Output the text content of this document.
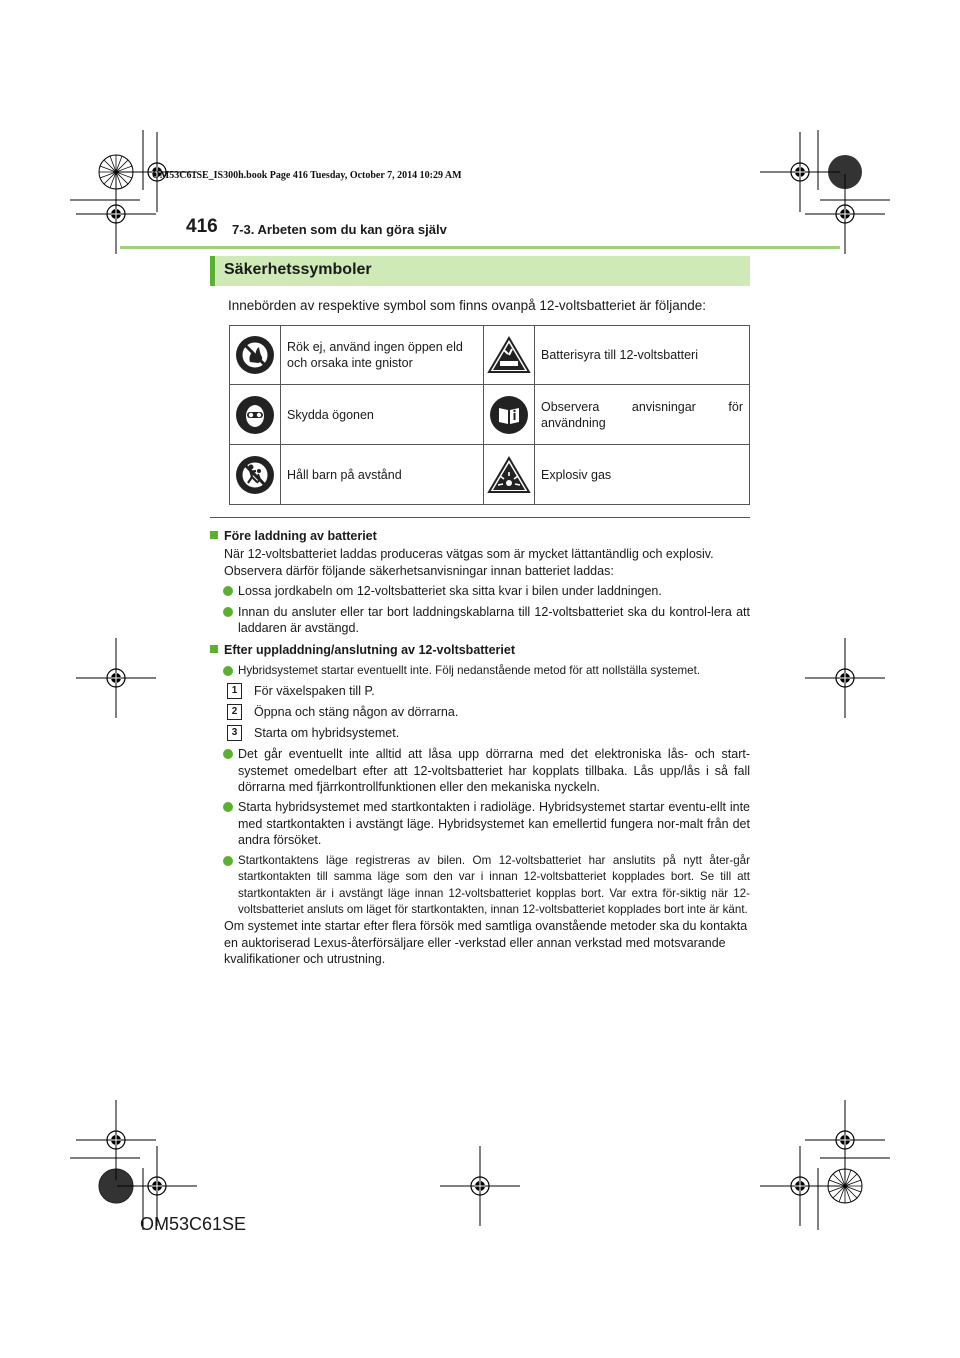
OM53C61SE_IS300h.book Page 416 Tuesday, October 7, 2014 10:29 AM
416 7-3. Arbeten som du kan göra själv
Säkerhetssymboler
Innebörden av respektive symbol som finns ovanpå 12-voltsbatteriet är följande:
	Rök ej, använd ingen öppen eld och orsaka inte gnistor		Batterisyra till 12-voltsbatteri

	Skydda ögonen		Observera anvisningar för användning

	Håll barn på avstånd		Explosiv gas

Före laddning av batteriet

När 12-voltsbatteriet laddas produceras vätgas som är mycket lättantändlig och explosiv. Observera därför följande säkerhetsanvisningar innan batteriet laddas:

Lossa jordkabeln om 12-voltsbatteriet ska sitta kvar i bilen under laddningen.
Innan du ansluter eller tar bort laddningskablarna till 12-voltsbatteriet ska du kontrol-lera att laddaren är avstängd.

Efter uppladdning/anslutning av 12-voltsbatteriet

Hybridsystemet startar eventuellt inte. Följ nedanstående metod för att nollställa systemet.
1	För växelspaken till P.
2	Öppna och stäng någon av dörrarna.
3	Starta om hybridsystemet.
Det går eventuellt inte alltid att låsa upp dörrarna med det elektroniska lås- och start-systemet omedelbart efter att 12-voltsbatteriet har kopplats tillbaka. Lås upp/lås i så fall dörrarna med fjärrkontrollfunktionen eller den mekaniska nyckeln.
Starta hybridsystemet med startkontakten i radioläge. Hybridsystemet startar eventu-ellt inte med startkontakten i avstängt läge. Hybridsystemet kan emellertid fungera nor-malt från det andra försöket.
Startkontaktens läge registreras av bilen. Om 12-voltsbatteriet har anslutits på nytt åter-går startkontakten till samma läge som den var i innan 12-voltsbatteriet kopplades bort. Se till att startkontakten är i avstängt läge innan 12-voltsbatteriet kopplas bort. Var extra för-siktig när 12-voltsbatteriet ansluts om läget för startkontakten, innan 12-voltsbatteriet kopplades bort inte är känt.

Om systemet inte startar efter flera försök med samtliga ovanstående metoder ska du kontakta en auktoriserad Lexus-återförsäljare eller -verkstad eller annan verkstad med motsvarande kvalifikationer och utrustning.

OM53C61SE
